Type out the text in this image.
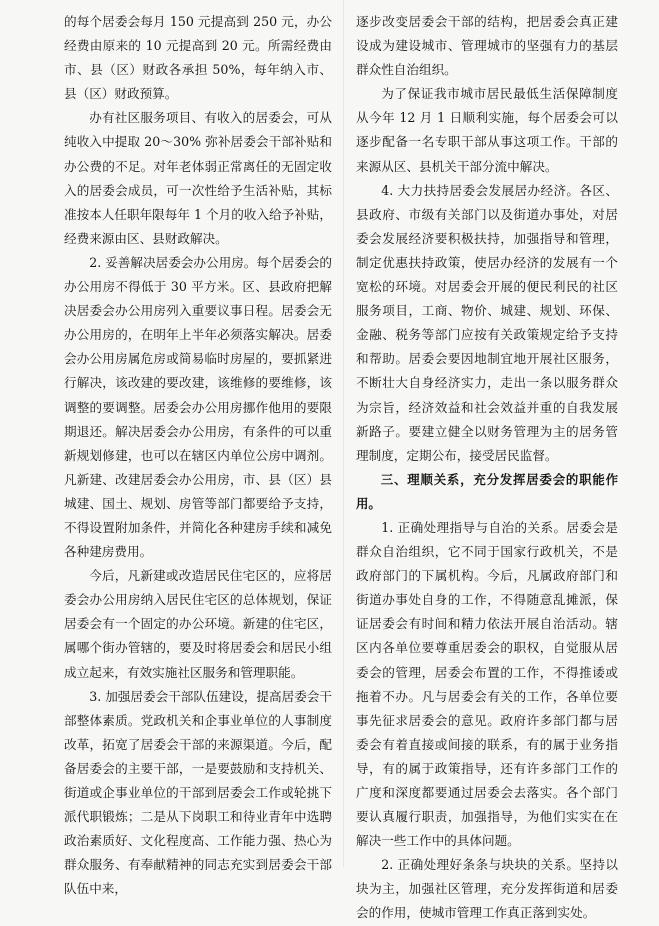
的每个居委会每月 150 元提高到 250 元，办公经费由原来的 10 元提高到 20 元。所需经费由市、县（区）财政各承担 50%，每年纳入市、县（区）财政预算。

办有社区服务项目、有收入的居委会，可从纯收入中提取 20～30% 弥补居委会干部补贴和办公费的不足。对年老体弱正常离任的无固定收入的居委会成员，可一次性给予生活补贴，其标准按本人任职年限每年 1 个月的收入给予补贴，经费来源由区、县财政解决。

2. 妥善解决居委会办公用房。每个居委会的办公用房不得低于 30 平方米。区、县政府把解决居委会办公用房列入重要议事日程。居委会无办公用房的，在明年上半年必须落实解决。居委会办公用房属危房或简易临时房屋的，要抓紧进行解决，该改建的要改建，该维修的要维修，该调整的要调整。居委会办公用房挪作他用的要限期退还。解决居委会办公用房，有条件的可以重新规划修建，也可以在辖区内单位公房中调剂。凡新建、改建居委会办公用房，市、县（区）县城建、国土、规划、房管等部门都要给予支持，不得设置附加条件，并简化各种建房手续和减免各种建房费用。

今后，凡新建或改造居民住宅区的，应将居委会办公用房纳入居民住宅区的总体规划，保证居委会有一个固定的办公环境。新建的住宅区，属哪个街办管辖的，要及时将居委会和居民小组成立起来，有效实施社区服务和管理职能。

3. 加强居委会干部队伍建设，提高居委会干部整体素质。党政机关和企事业单位的人事制度改革，拓宽了居委会干部的来源渠道。今后，配备居委会的主要干部，一是要鼓励和支持机关、街道或企事业单位的干部到居委会工作或轮挑下派代职锻炼；二是从下岗职工和待业青年中选聘政治素质好、文化程度高、工作能力强、热心为群众服务、有奉献精神的同志充实到居委会干部队伍中来，

逐步改变居委会干部的结构，把居委会真正建设成为建设城市、管理城市的坚强有力的基层群众性自治组织。

为了保证我市城市居民最低生活保障制度从今年 12 月 1 日顺利实施，每个居委会可以逐步配备一名专职干部从事这项工作。干部的来源从区、县机关干部分流中解决。

4. 大力扶持居委会发展居办经济。各区、县政府、市级有关部门以及街道办事处，对居委会发展经济要积极扶持，加强指导和管理，制定优惠扶持政策，使居办经济的发展有一个宽松的环境。对居委会开展的便民利民的社区服务项目，工商、物价、城建、规划、环保、金融、税务等部门应按有关政策规定给予支持和帮助。居委会要因地制宜地开展社区服务，不断壮大自身经济实力，走出一条以服务群众为宗旨，经济效益和社会效益并重的自我发展新路子。要建立健全以财务管理为主的居务管理制度，定期公布，接受居民监督。

三、理顺关系，充分发挥居委会的职能作用。

1. 正确处理指导与自治的关系。居委会是群众自治组织，它不同于国家行政机关，不是政府部门的下属机构。今后，凡属政府部门和街道办事处自身的工作，不得随意乱摊派，保证居委会有时间和精力依法开展自治活动。辖区内各单位要尊重居委会的职权，自觉服从居委会的管理，居委会布置的工作，不得推诿或拖着不办。凡与居委会有关的工作，各单位要事先征求居委会的意见。政府许多部门都与居委会有着直接或间接的联系，有的属于业务指导，有的属于政策指导，还有许多部门工作的广度和深度都要通过居委会去落实。各个部门要认真履行职责，加强指导，为他们实实在在解决一些工作中的具体问题。

2. 正确处理好条条与块块的关系。坚持以块为主，加强社区管理，充分发挥街道和居委会的作用，使城市管理工作真正落到实处。
